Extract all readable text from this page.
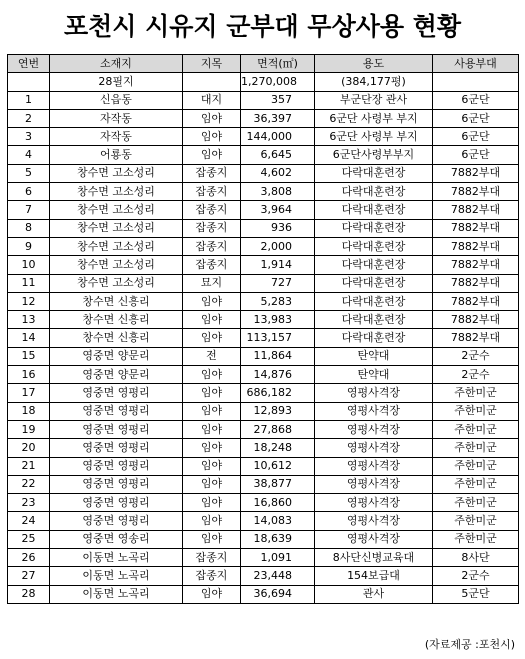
포천시 시유지 군부대 무상사용 현황
연번	소재지	지목	면적(㎡)	용도	사용부대
	28필지		1,270,008	(384,177평)	
1	신읍동	대지	357	부군단장 관사	6군단
2	자작동	임야	36,397	6군단 사령부 부지	6군단
3	자작동	임야	144,000	6군단 사령부 부지	6군단
4	어룡동	임야	6,645	6군단사령부부지	6군단
5	창수면 고소성리	잡종지	4,602	다락대훈련장	7882부대
6	창수면 고소성리	잡종지	3,808	다락대훈련장	7882부대
7	창수면 고소성리	잡종지	3,964	다락대훈련장	7882부대
8	창수면 고소성리	잡종지	936	다락대훈련장	7882부대
9	창수면 고소성리	잡종지	2,000	다락대훈련장	7882부대
10	창수면 고소성리	잡종지	1,914	다락대훈련장	7882부대
11	창수면 고소성리	묘지	727	다락대훈련장	7882부대
12	창수면 신흥리	임야	5,283	다락대훈련장	7882부대
13	창수면 신흥리	임야	13,983	다락대훈련장	7882부대
14	창수면 신흥리	임야	113,157	다락대훈련장	7882부대
15	영중면 양문리	전	11,864	탄약대	2군수
16	영중면 양문리	임야	14,876	탄약대	2군수
17	영중면 영평리	임야	686,182	영평사격장	주한미군
18	영중면 영평리	임야	12,893	영평사격장	주한미군
19	영중면 영평리	임야	27,868	영평사격장	주한미군
20	영중면 영평리	임야	18,248	영평사격장	주한미군
21	영중면 영평리	임야	10,612	영평사격장	주한미군
22	영중면 영평리	임야	38,877	영평사격장	주한미군
23	영중면 영평리	임야	16,860	영평사격장	주한미군
24	영중면 영평리	임야	14,083	영평사격장	주한미군
25	영중면 영송리	임야	18,639	영평사격장	주한미군
26	이동면 노곡리	잡종지	1,091	8사단신병교육대	8사단
27	이동면 노곡리	잡종지	23,448	154보급대	2군수
28	이동면 노곡리	임야	36,694	관사	5군단
(자료제공 :포천시)
